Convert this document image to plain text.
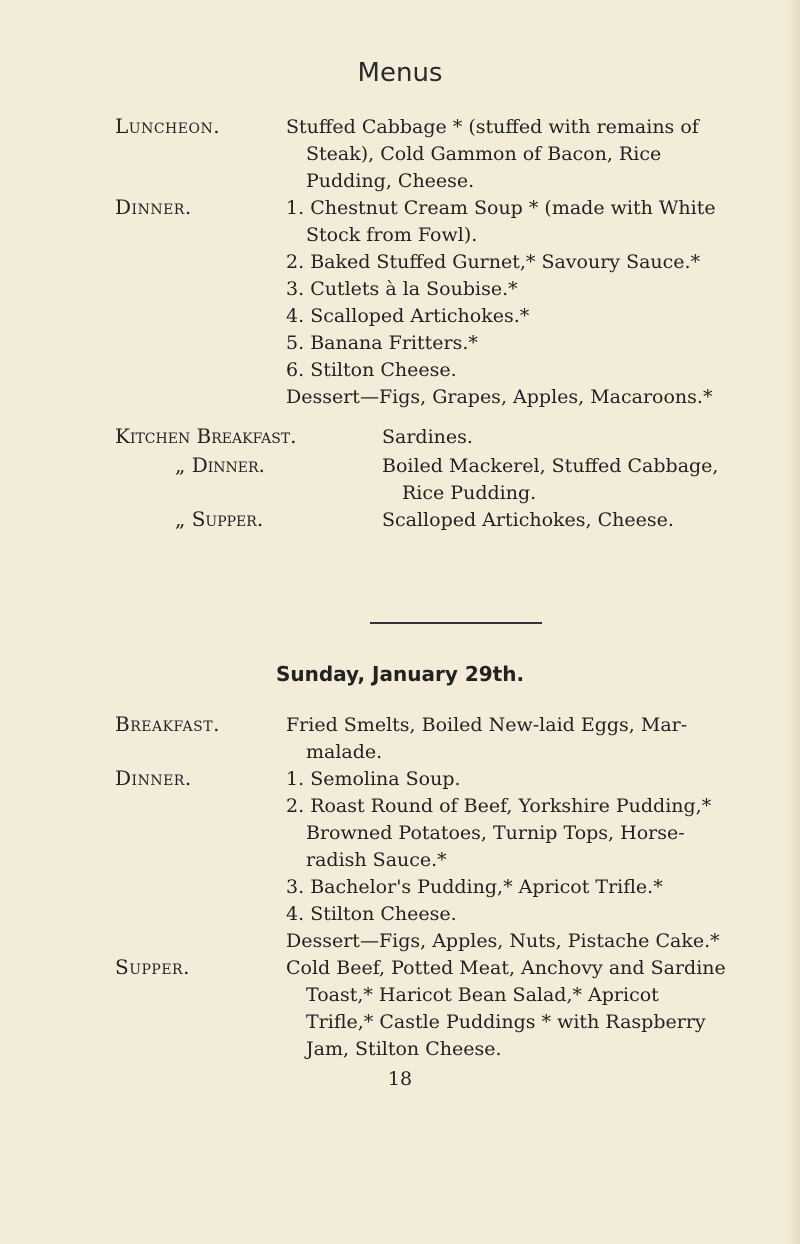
Menus
Luncheon.	Stuffed Cabbage * (stuffed with remains of
Steak), Cold Gammon of Bacon, Rice
Pudding, Cheese.
Dinner.	1. Chestnut Cream Soup * (made with White
Stock from Fowl).
2. Baked Stuffed Gurnet,* Savoury Sauce.*
3. Cutlets à la Soubise.*
4. Scalloped Artichokes.*
5. Banana Fritters.*
6. Stilton Cheese.
Dessert—Figs, Grapes, Apples, Macaroons.*
Kitchen Breakfast.	Sardines.
„ Dinner.	Boiled Mackerel, Stuffed Cabbage, Rice Pudding.
„ Supper.	Scalloped Artichokes, Cheese.
Sunday, January 29th.
Breakfast.	Fried Smelts, Boiled New-laid Eggs, Mar-
malade.
Dinner.	1. Semolina Soup.
2. Roast Round of Beef, Yorkshire Pudding,*
Browned Potatoes, Turnip Tops, Horse-
radish Sauce.*
3. Bachelor's Pudding,* Apricot Trifle.*
4. Stilton Cheese.
Dessert—Figs, Apples, Nuts, Pistache Cake.*
Supper.	Cold Beef, Potted Meat, Anchovy and Sardine
Toast,* Haricot Bean Salad,* Apricot
Trifle,* Castle Puddings * with Raspberry
Jam, Stilton Cheese.
18
